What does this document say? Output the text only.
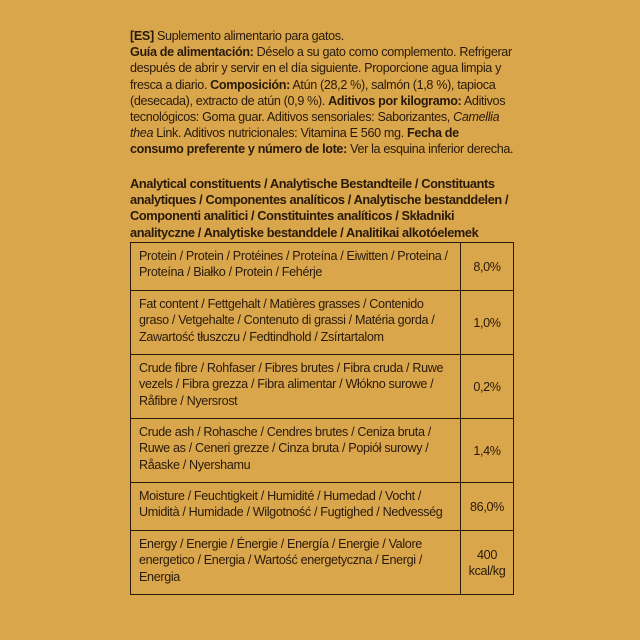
[ES] Suplemento alimentario para gatos.
Guía de alimentación: Déselo a su gato como complemento. Refrigerar después de abrir y servir en el día siguiente. Proporcione agua limpia y fresca a diario. Composición: Atún (28,2 %), salmón (1,8 %), tapioca (desecada), extracto de atún (0,9 %). Aditivos por kilogramo: Aditivos tecnológicos: Goma guar. Aditivos sensoriales: Saborizantes, Camellia thea Link. Aditivos nutricionales: Vitamina E 560 mg. Fecha de consumo preferente y número de lote: Ver la esquina inferior derecha.

Analytical constituents / Analytische Bestandteile / Constituants analytiques / Componentes analíticos / Analytische bestanddelen / Componenti analitici / Constituintes analíticos / Składniki analityczne / Analytiske bestanddele / Analitikai alkotóelemek
Protein / Protein / Protéines / Proteína / Eiwitten / Proteina / Proteína / Białko / Protein / Fehérje	8,0%
Fat content / Fettgehalt / Matières grasses / Contenido graso / Vetgehalte / Contenuto di grassi / Matéria gorda / Zawartość tłuszczu / Fedtindhold / Zsírtartalom	1,0%
Crude fibre / Rohfaser / Fibres brutes / Fibra cruda / Ruwe vezels / Fibra grezza / Fibra alimentar / Włókno surowe / Råfibre / Nyersrost	0,2%
Crude ash / Rohasche / Cendres brutes / Ceniza bruta / Ruwe as / Ceneri grezze / Cinza bruta / Popiół surowy / Råaske / Nyershamu	1,4%
Moisture / Feuchtigkeit / Humidité / Humedad / Vocht / Umidità / Humidade / Wilgotność / Fugtighed / Nedvesség	86,0%
Energy / Energie / Énergie / Energía / Energie / Valore energetico / Energia / Wartość energetyczna / Energi / Energia	400 kcal/kg
